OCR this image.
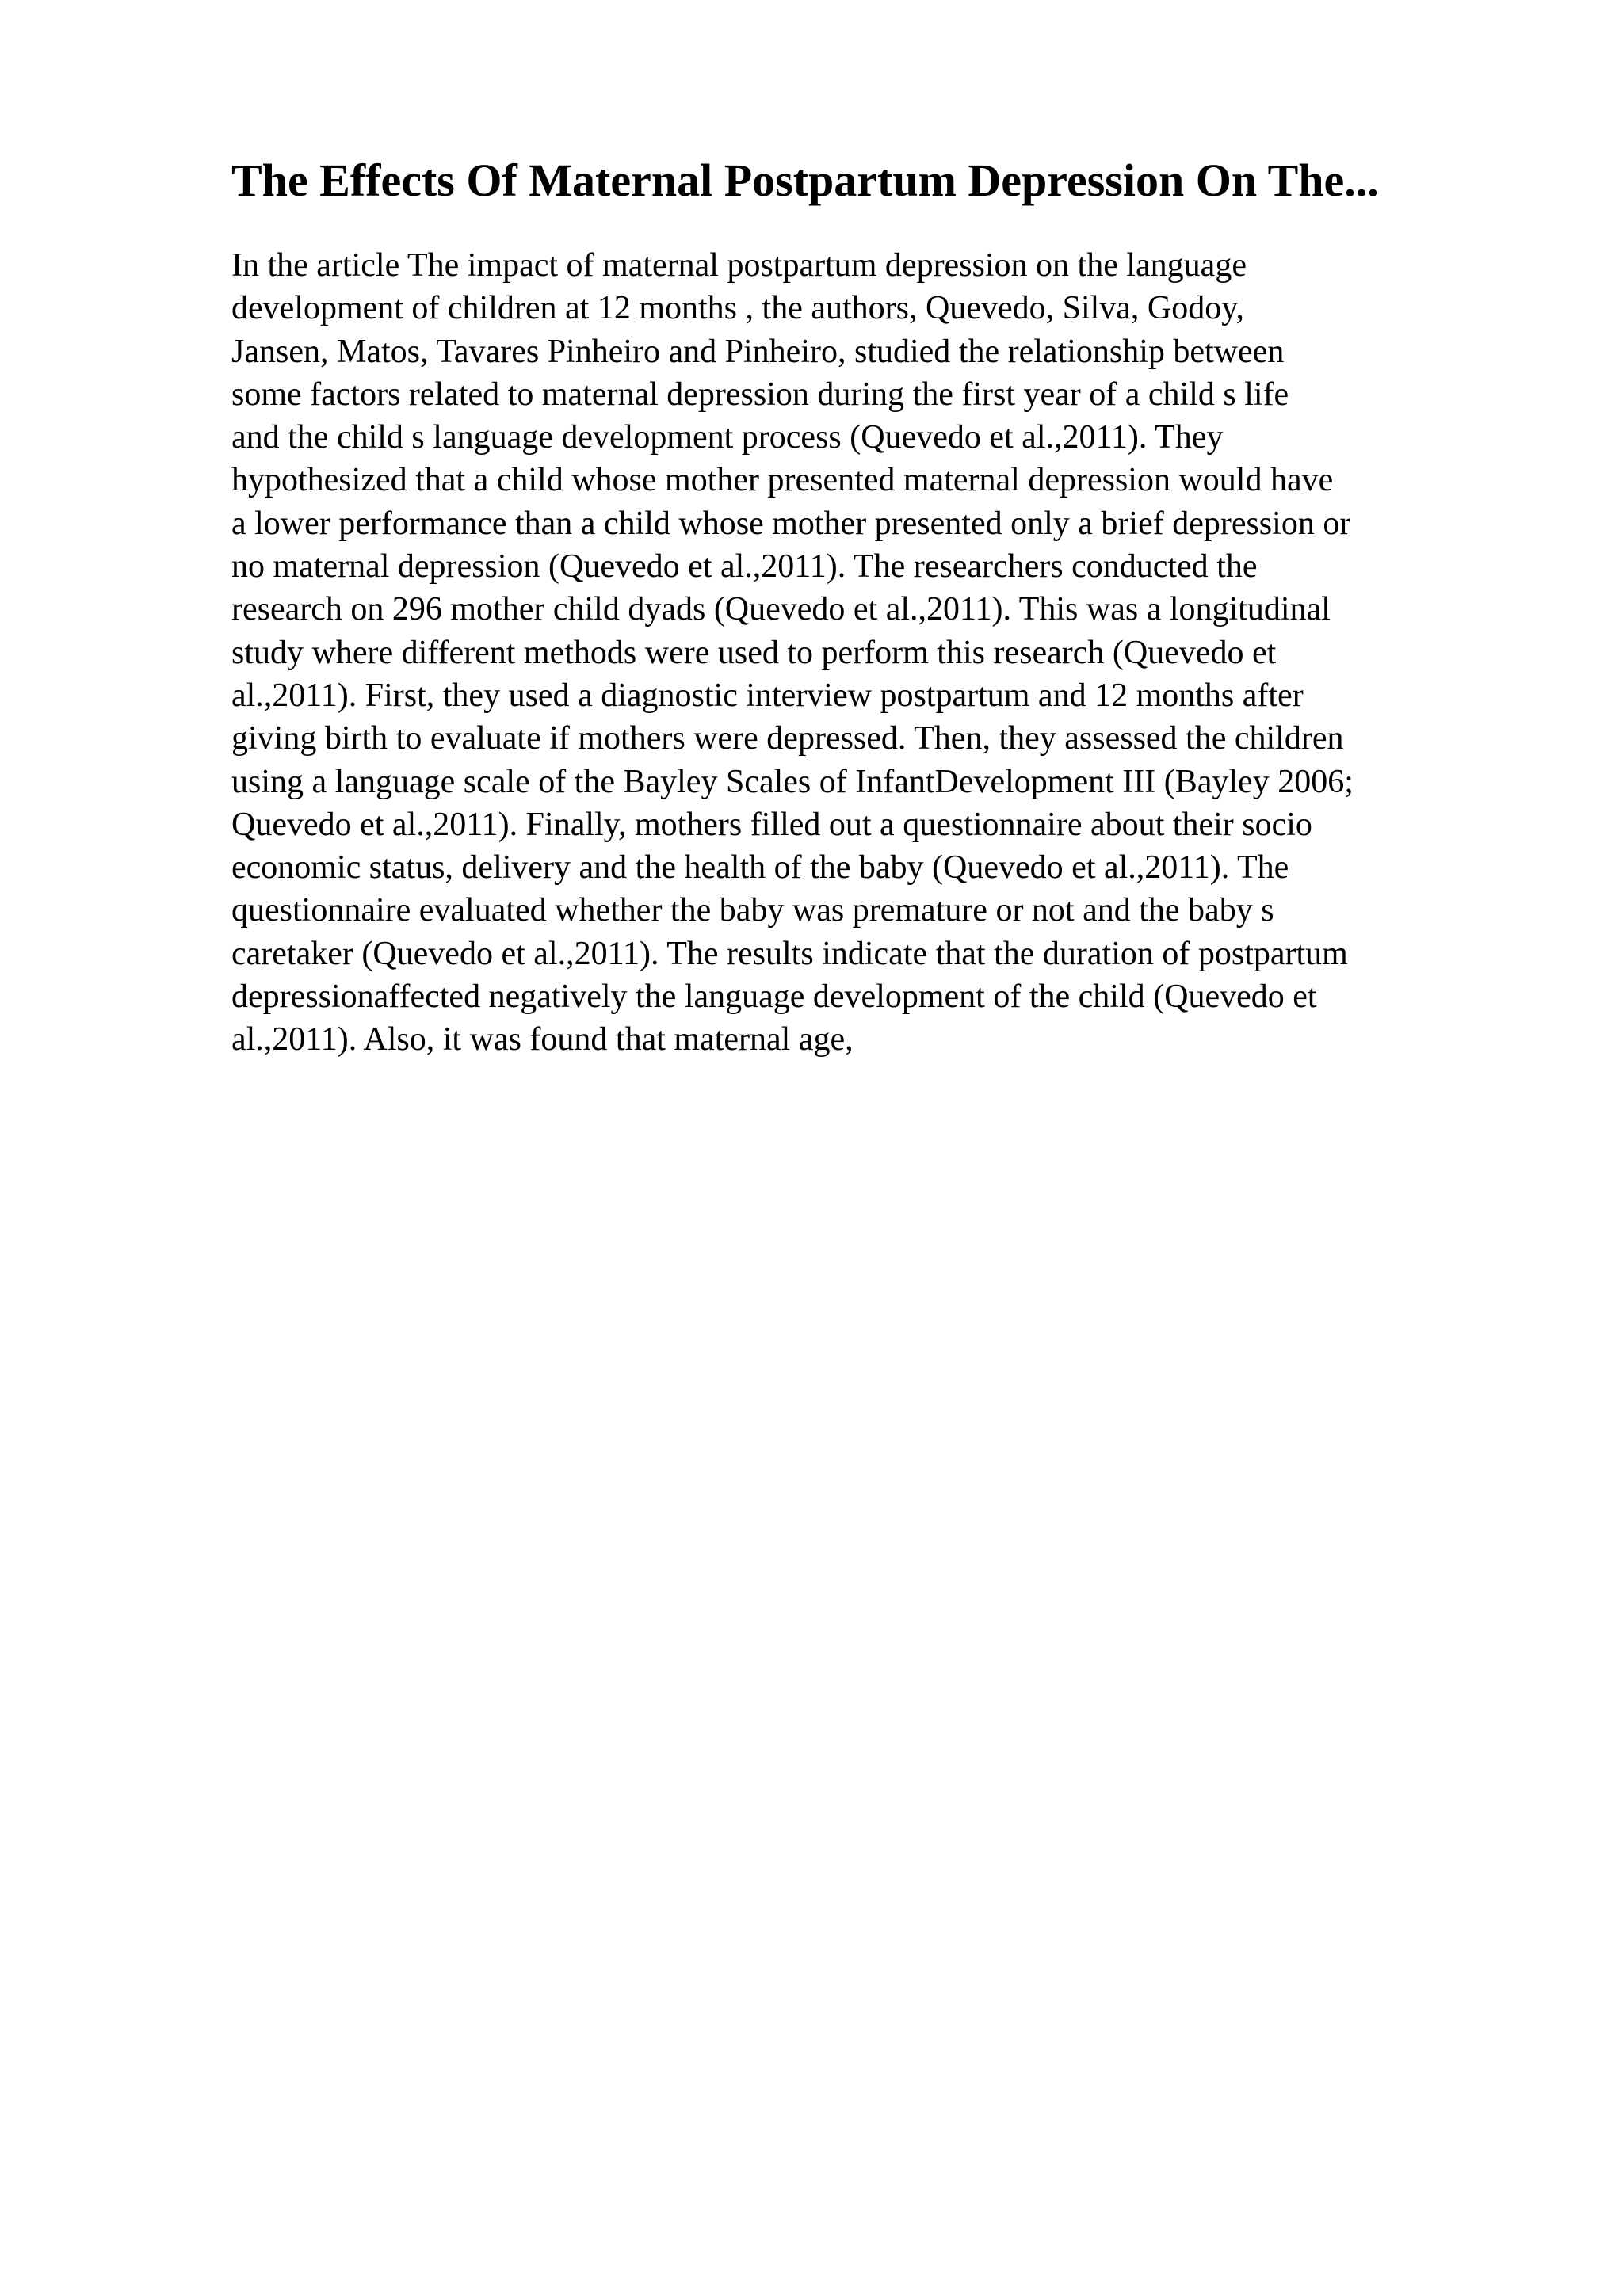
The Effects Of Maternal Postpartum Depression On The...
In the article The impact of maternal postpartum depression on the language
development of children at 12 months , the authors, Quevedo, Silva, Godoy,
Jansen, Matos, Tavares Pinheiro and Pinheiro, studied the relationship between
some factors related to maternal depression during the first year of a child s life
and the child s language development process (Quevedo et al.,2011). They
hypothesized that a child whose mother presented maternal depression would have
a lower performance than a child whose mother presented only a brief depression or
no maternal depression (Quevedo et al.,2011). The researchers conducted the
research on 296 mother child dyads (Quevedo et al.,2011). This was a longitudinal
study where different methods were used to perform this research (Quevedo et
al.,2011). First, they used a diagnostic interview postpartum and 12 months after
giving birth to evaluate if mothers were depressed. Then, they assessed the children
using a language scale of the Bayley Scales of InfantDevelopment III (Bayley 2006;
Quevedo et al.,2011). Finally, mothers filled out a questionnaire about their socio
economic status, delivery and the health of the baby (Quevedo et al.,2011). The
questionnaire evaluated whether the baby was premature or not and the baby s
caretaker (Quevedo et al.,2011). The results indicate that the duration of postpartum
depressionaffected negatively the language development of the child (Quevedo et
al.,2011). Also, it was found that maternal age,
